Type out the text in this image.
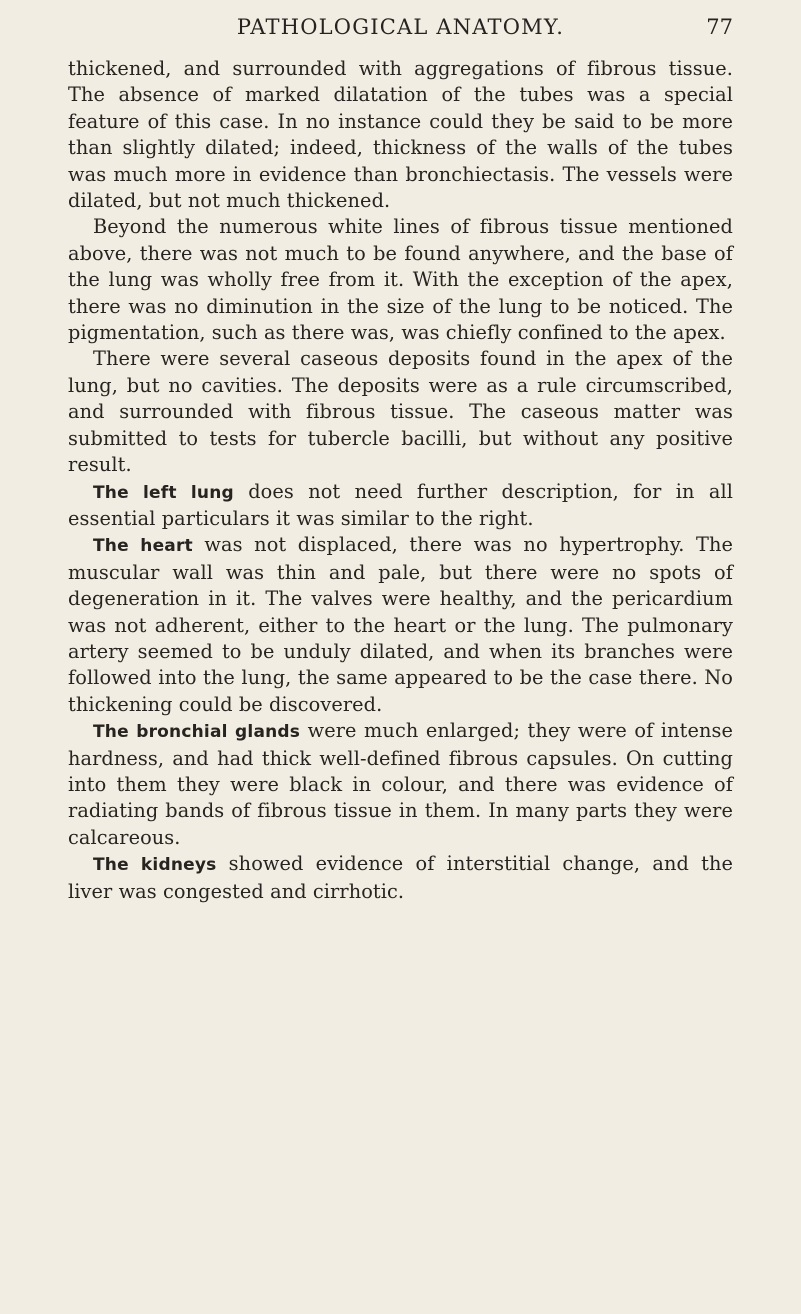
PATHOLOGICAL ANATOMY.	77

thickened, and surrounded with aggregations of fibrous tissue. The absence of marked dilatation of the tubes was a special feature of this case. In no instance could they be said to be more than slightly dilated; indeed, thickness of the walls of the tubes was much more in evidence than bronchiectasis. The vessels were dilated, but not much thickened.

Beyond the numerous white lines of fibrous tissue mentioned above, there was not much to be found anywhere, and the base of the lung was wholly free from it. With the exception of the apex, there was no diminution in the size of the lung to be noticed. The pigmentation, such as there was, was chiefly confined to the apex.

There were several caseous deposits found in the apex of the lung, but no cavities. The deposits were as a rule circumscribed, and surrounded with fibrous tissue. The caseous matter was submitted to tests for tubercle bacilli, but without any positive result.

The left lung does not need further description, for in all essential particulars it was similar to the right.

The heart was not displaced, there was no hypertrophy. The muscular wall was thin and pale, but there were no spots of degeneration in it. The valves were healthy, and the pericardium was not adherent, either to the heart or the lung. The pulmonary artery seemed to be unduly dilated, and when its branches were followed into the lung, the same appeared to be the case there. No thickening could be discovered.

The bronchial glands were much enlarged; they were of intense hardness, and had thick well-defined fibrous capsules. On cutting into them they were black in colour, and there was evidence of radiating bands of fibrous tissue in them. In many parts they were calcareous.

The kidneys showed evidence of interstitial change, and the liver was congested and cirrhotic.
